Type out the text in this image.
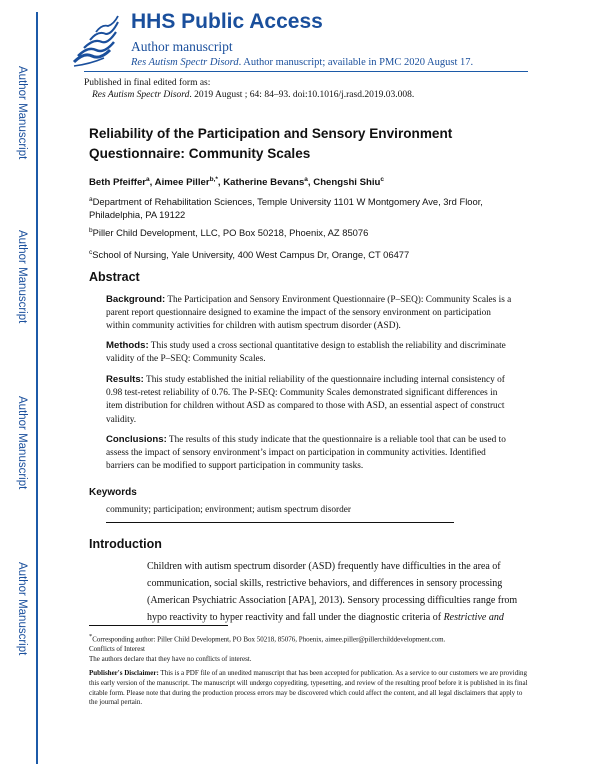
Author Manuscript
Author Manuscript
Author Manuscript
Author Manuscript
HHS Public Access
Author manuscript
Res Autism Spectr Disord. Author manuscript; available in PMC 2020 August 17.
Published in final edited form as:
Res Autism Spectr Disord. 2019 August ; 64: 84–93. doi:10.1016/j.rasd.2019.03.008.
Reliability of the Participation and Sensory Environment Questionnaire: Community Scales
Beth Pfeiffer$^a$, Aimee Piller$^{b,*}$, Katherine Bevans$^a$, Chengshi Shiu$^c$
$^a$Department of Rehabilitation Sciences, Temple University 1101 W Montgomery Ave, 3rd Floor, Philadelphia, PA 19122
$^b$Piller Child Development, LLC, PO Box 50218, Phoenix, AZ 85076
$^c$School of Nursing, Yale University, 400 West Campus Dr, Orange, CT 06477
Abstract
Background: The Participation and Sensory Environment Questionnaire (P–SEQ): Community Scales is a parent report questionnaire designed to examine the impact of the sensory environment on participation within community activities for children with autism spectrum disorder (ASD).
Methods: This study used a cross sectional quantitative design to establish the reliability and discriminate validity of the P–SEQ: Community Scales.
Results: This study established the initial reliability of the questionnaire including internal consistency of 0.98 test-retest reliability of 0.76. The P-SEQ: Community Scales demonstrated significant differences in item distribution for children without ASD as compared to those with ASD, an essential aspect of construct validity.
Conclusions: The results of this study indicate that the questionnaire is a reliable tool that can be used to assess the impact of sensory environment’s impact on participation in community activities. Identified barriers can be modified to support participation in community tasks.
Keywords
community; participation; environment; autism spectrum disorder
Introduction
Children with autism spectrum disorder (ASD) frequently have difficulties in the area of communication, social skills, restrictive behaviors, and differences in sensory processing (American Psychiatric Association [APA], 2013). Sensory processing difficulties range from hypo reactivity to hyper reactivity and fall under the diagnostic criteria of Restrictive and
*Corresponding author: Piller Child Development, PO Box 50218, 85076, Phoenix, aimee.piller@pillerchilddevelopment.com.
Conflicts of Interest
The authors declare that they have no conflicts of interest.
Publisher's Disclaimer: This is a PDF file of an unedited manuscript that has been accepted for publication. As a service to our customers we are providing this early version of the manuscript. The manuscript will undergo copyediting, typesetting, and review of the resulting proof before it is published in its final citable form. Please note that during the production process errors may be discovered which could affect the content, and all legal disclaimers that apply to the journal pertain.
